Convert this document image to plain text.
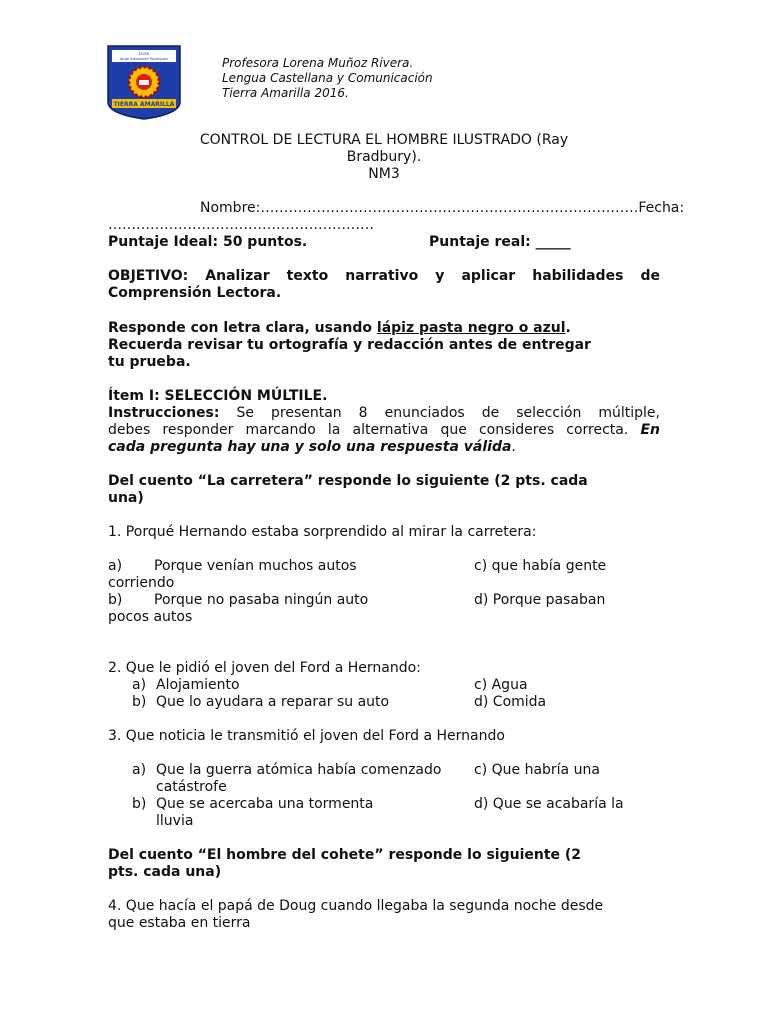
Liceo
Jorge Alessandri Rodríguez
TIERRA AMARILLA
Profesora Lorena Muñoz Rivera.
Lengua Castellana y Comunicación
Tierra Amarilla 2016.
CONTROL DE LECTURA EL HOMBRE ILUSTRADO (Ray
Bradbury).
NM3
Nombre:………………………………………………………………………Fecha:
…………………………………………………
Puntaje Ideal: 50 puntos.	Puntaje real: _____
OBJETIVO: Analizar texto narrativo y aplicar habilidades de
Comprensión Lectora.
Responde con letra clara, usando lápiz pasta negro o azul.
Recuerda revisar tu ortografía y redacción antes de entregar
tu prueba.
Ítem I: SELECCIÓN MÚLTILE.
Instrucciones: Se presentan 8 enunciados de selección múltiple,
debes responder marcando la alternativa que consideres correcta. En
cada pregunta hay una y solo una respuesta válida.
Del cuento “La carretera” responde lo siguiente (2 pts. cada
una)
1. Porqué Hernando estaba sorprendido al mirar la carretera:
a) Porque venían muchos autos	c) que había gente
corriendo
b) Porque no pasaba ningún auto	d) Porque pasaban
pocos autos
2. Que le pidió el joven del Ford a Hernando:
a) Alojamiento	c) Agua
b) Que lo ayudara a reparar su auto	d) Comida
3. Que noticia le transmitió el joven del Ford a Hernando
a) Que la guerra atómica había comenzado c) Que habría una
catástrofe
b) Que se acercaba una tormenta	d) Que se acabaría la
lluvia
Del cuento “El hombre del cohete” responde lo siguiente (2
pts. cada una)
4. Que hacía el papá de Doug cuando llegaba la segunda noche desde
que estaba en tierra
